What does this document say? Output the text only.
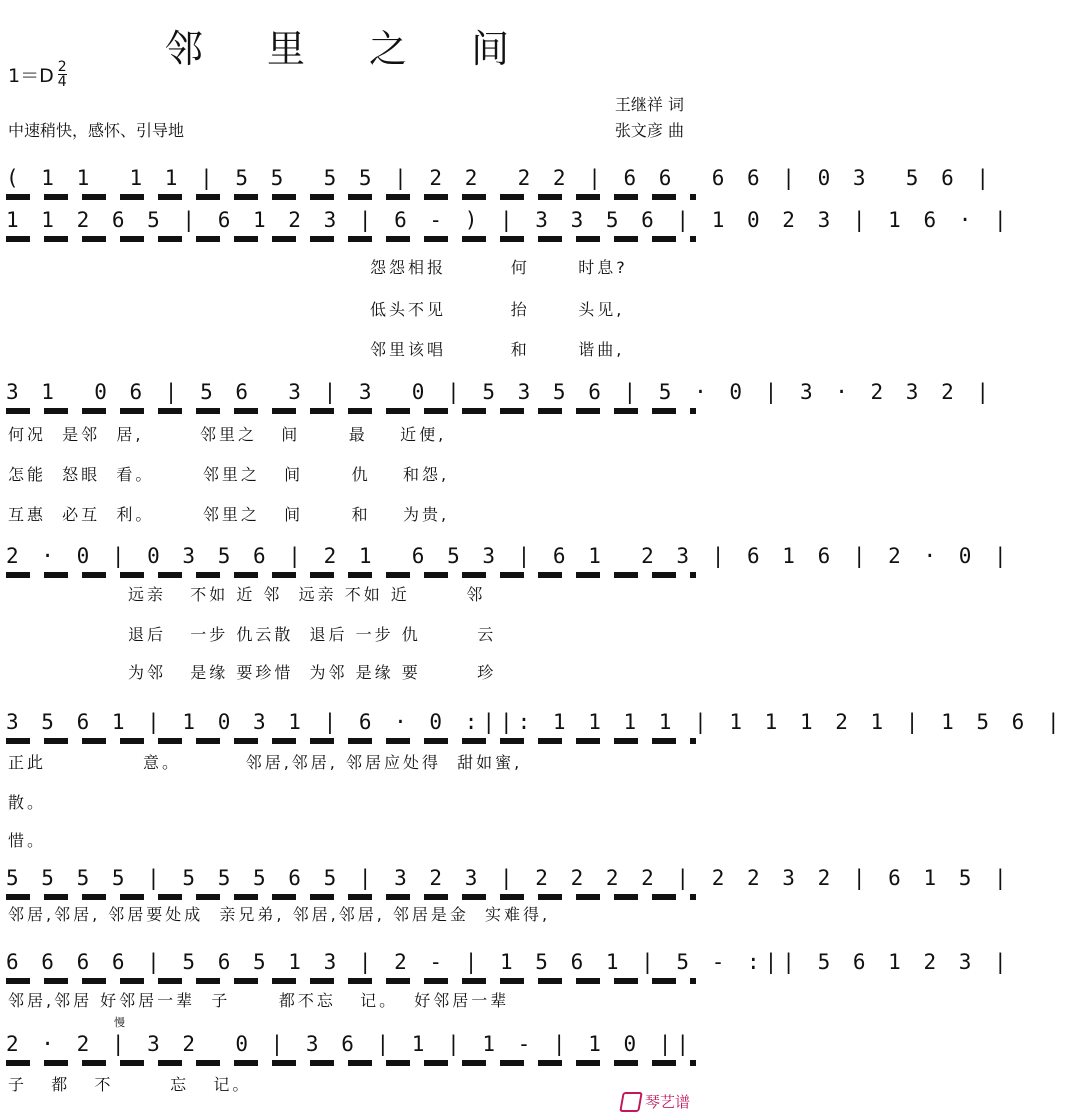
邻 里 之 间
$1=D \frac{2}{4}$
中速稍快，感怀、引导地
王继祥 词
张文彦 曲
( 1 1  1 1 | 5 5  5 5 | 2 2  2 2 | 6 6  6 6 | 0 3  5 6 |
1 1 2 6 5 | 6 1 2 3 | 6 - ) | 3 3 5 6 | 1 0 2 3 | 1 6 · |
怨怨相报        何      时息?
低头不见        抬      头见,
邻里该唱        和      谐曲,
3 1  0 6 | 5 6  3 | 3  0 | 5 3 5 6 | 5 · 0 | 3 · 2 3 2 |
何况  是邻  居,       邻里之   间      最    近便,
怎能  怒眼  看。      邻里之   间      仇    和怨,
互惠  必互  利。      邻里之   间      和    为贵,
2 · 0 | 0 3 5 6 | 2 1  6 5 3 | 6 1  2 3 | 6 1 6 | 2 · 0 |
远亲   不如 近 邻  远亲 不如 近       邻
退后   一步 仇云散  退后 一步 仇       云
为邻   是缘 要珍惜  为邻 是缘 要       珍
3 5 6 1 | 1 0 3 1 | 6 · 0 :||: 1 1 1 1 | 1 1 1 2 1 | 1 5 6 |
正此            意。        邻居,邻居, 邻居应处得  甜如蜜,
散。
惜。
5 5 5 5 | 5 5 5 6 5 | 3 2 3 | 2 2 2 2 | 2 2 3 2 | 6 1 5 |
邻居,邻居, 邻居要处成  亲兄弟, 邻居,邻居, 邻居是金  实难得,
6 6 6 6 | 5 6 5 1 3 | 2 - | 1 5 6 1 | 5 - :|| 5 6 1 2 3 |
邻居,邻居 好邻居一辈  子      都不忘   记。  好邻居一辈
慢
2 · 2 | 3 2  0 | 3 6 | 1 | 1 - | 1 0 ||
子   都   不       忘   记。
琴艺谱
